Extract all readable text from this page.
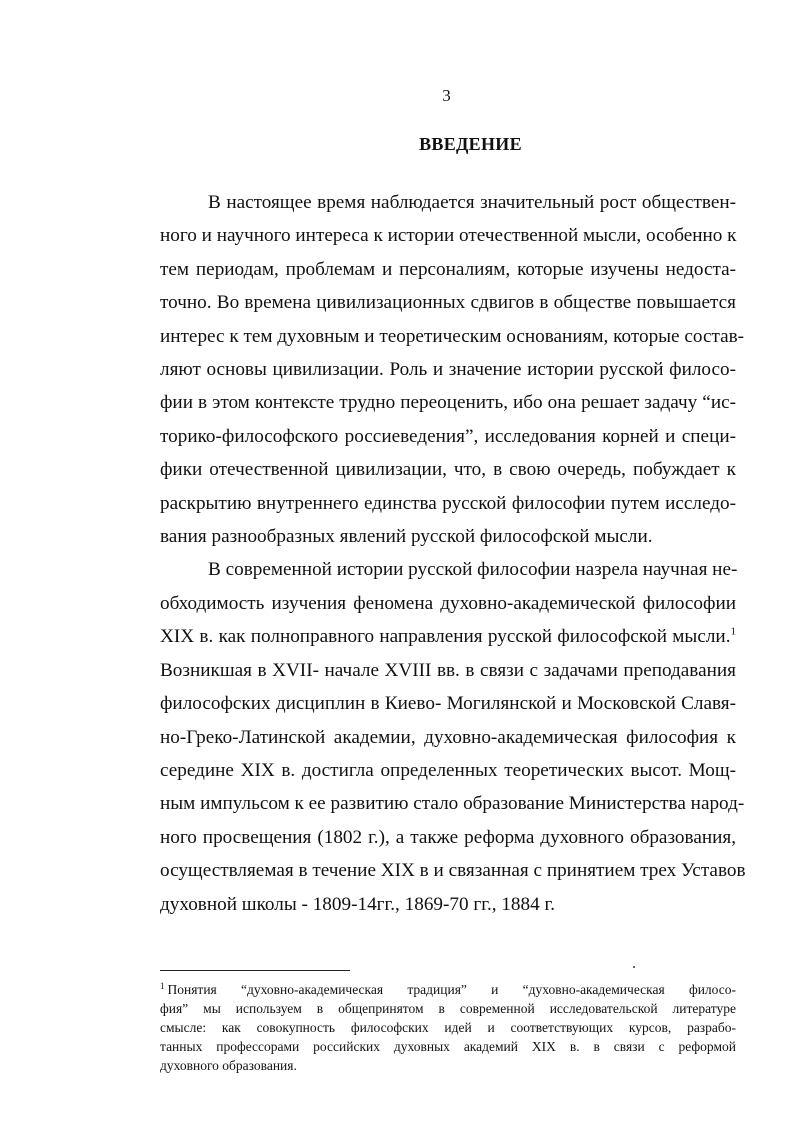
3
ВВЕДЕНИЕ

В настоящее время наблюдается значительный рост обществен-
ного и научного интереса к истории отечественной мысли, особенно к
тем периодам, проблемам и персоналиям, которые изучены недоста-
точно. Во времена цивилизационных сдвигов в обществе повышается
интерес к тем духовным и теоретическим основаниям, которые состав-
ляют основы цивилизации. Роль и значение истории русской филосо-
фии в этом контексте трудно переоценить, ибо она решает задачу “ис-
торико-философского россиеведения”, исследования корней и специ-
фики отечественной цивилизации, что, в свою очередь, побуждает к
раскрытию внутреннего единства русской философии путем исследо-
вания разнообразных явлений русской философской мысли.

В современной истории русской философии назрела научная не-
обходимость изучения феномена духовно-академической философии
XIX в. как полноправного направления русской философской мысли.$^1$
Возникшая в XVII- начале XVIII вв. в связи с задачами преподавания
философских дисциплин в Киево- Могилянской и Московской Славя-
но-Греко-Латинской академии, духовно-академическая философия к
середине XIX в. достигла определенных теоретических высот. Мощ-
ным импульсом к ее развитию стало образование Министерства народ-
ного просвещения (1802 г.), а также реформа духовного образования,
осуществляемая в течение XIX в и связанная с принятием трех Уставов
духовной школы - 1809-14гг., 1869-70 гг., 1884 г.

$^1$ Понятия “духовно-академическая традиция” и “духовно-академическая филосо-
фия” мы используем в общепринятом в современной исследовательской литературе
смысле: как совокупность философских идей и соответствующих курсов, разрабо-
танных профессорами российских духовных академий XIX в. в связи с реформой
духовного образования.
